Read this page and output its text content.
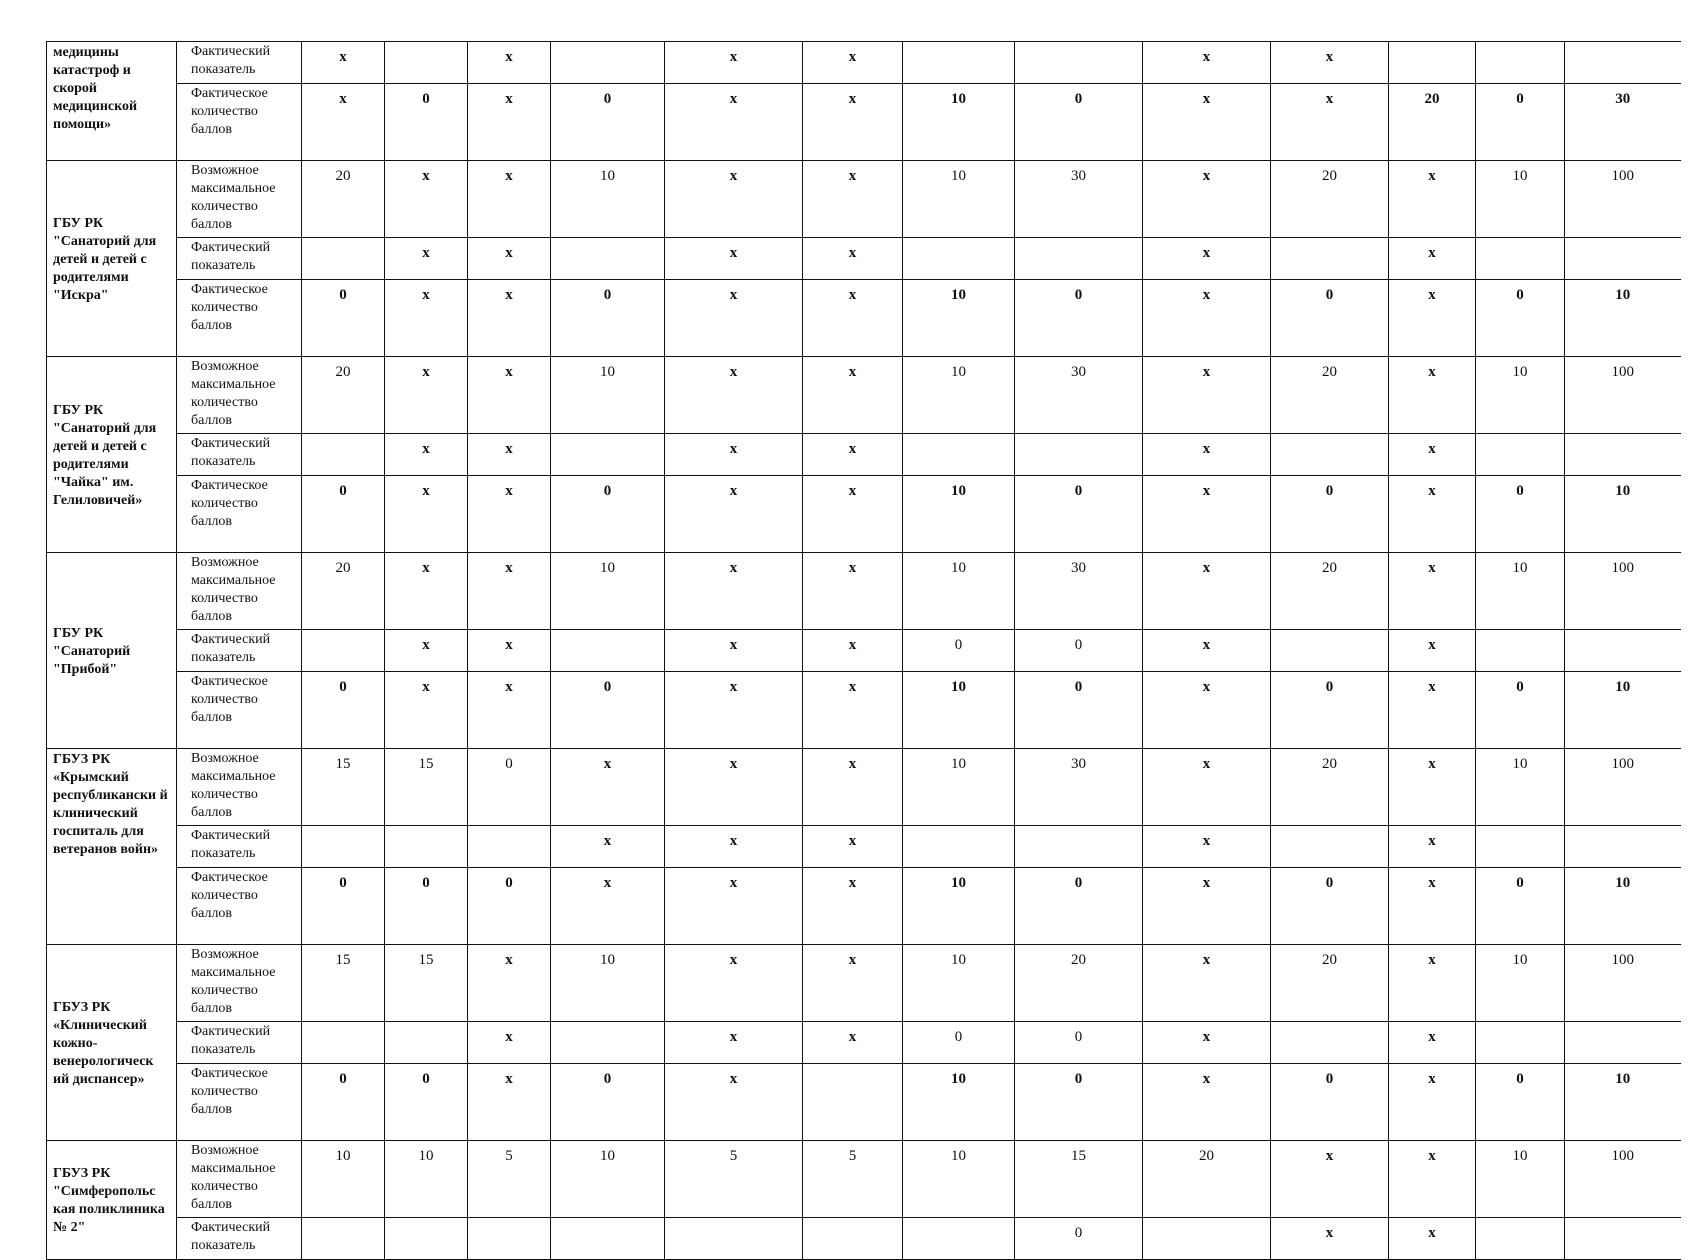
медицины катастроф и скорой медицинской помощи»	Фактический показатель	x		x		x	x			x	x			
	Фактическое количество баллов	x	0	x	0	x	x	10	0	x	x	20	0	30

ГБУ РК "Санаторий для детей и детей с родителями "Искра"	Возможное максимальное количество баллов	20	x	x	10	x	x	10	30	x	20	x	10	100
	Фактический показатель		x	x		x	x			x		x		
	Фактическое количество баллов	0	x	x	0	x	x	10	0	x	0	x	0	10

ГБУ РК "Санаторий для детей и детей с родителями "Чайка" им. Гелиловичей»	Возможное максимальное количество баллов	20	x	x	10	x	x	10	30	x	20	x	10	100
	Фактический показатель		x	x		x	x			x		x		
	Фактическое количество баллов	0	x	x	0	x	x	10	0	x	0	x	0	10

ГБУ РК "Санаторий "Прибой"	Возможное максимальное количество баллов	20	x	x	10	x	x	10	30	x	20	x	10	100
	Фактический показатель		x	x		x	x	0	0	x		x		
	Фактическое количество баллов	0	x	x	0	x	x	10	0	x	0	x	0	10

ГБУЗ РК «Крымский республикански й клинический госпиталь для ветеранов войн»	Возможное максимальное количество баллов	15	15	0	x	x	x	10	30	x	20	x	10	100
	Фактический показатель				x	x	x			x		x		
	Фактическое количество баллов	0	0	0	x	x	x	10	0	x	0	x	0	10

ГБУЗ РК «Клинический кожно- венерологическ ий диспансер»	Возможное максимальное количество баллов	15	15	x	10	x	x	10	20	x	20	x	10	100
	Фактический показатель			x		x	x	0	0	x		x		
	Фактическое количество баллов	0	0	x	0	x		10	0	x	0	x	0	10

ГБУЗ РК "Симферопольс кая поликлиника № 2"	Возможное максимальное количество баллов	10	10	5	10	5	5	10	15	20	x	x	10	100
	Фактический показатель								0		x	x		
